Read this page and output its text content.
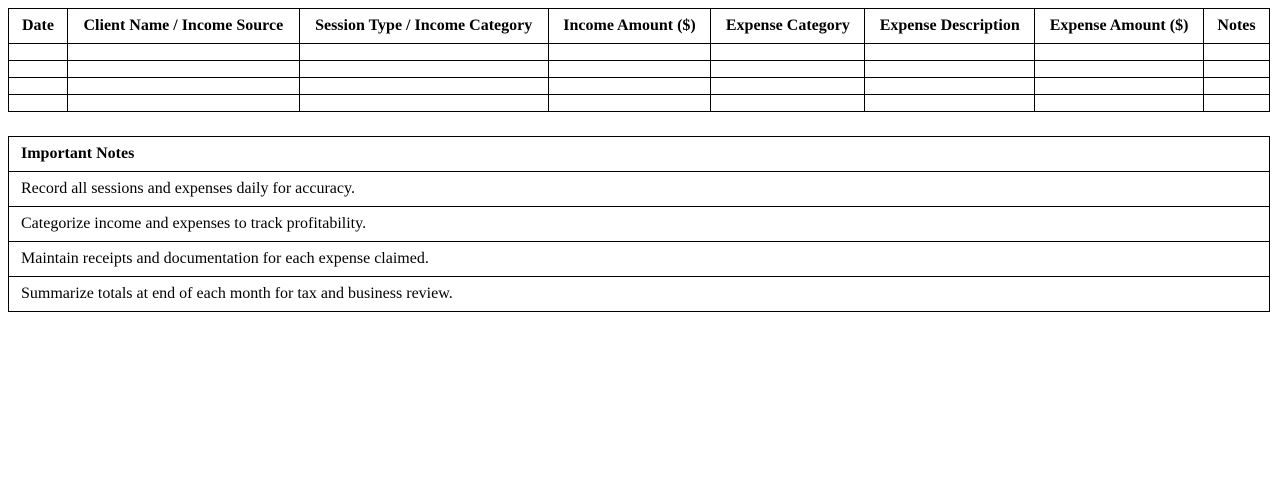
Date	Client Name / Income Source	Session Type / Income Category	Income Amount ($)	Expense Category	Expense Description	Expense Amount ($)	Notes

Important Notes
Record all sessions and expenses daily for accuracy.
Categorize income and expenses to track profitability.
Maintain receipts and documentation for each expense claimed.
Summarize totals at end of each month for tax and business review.
